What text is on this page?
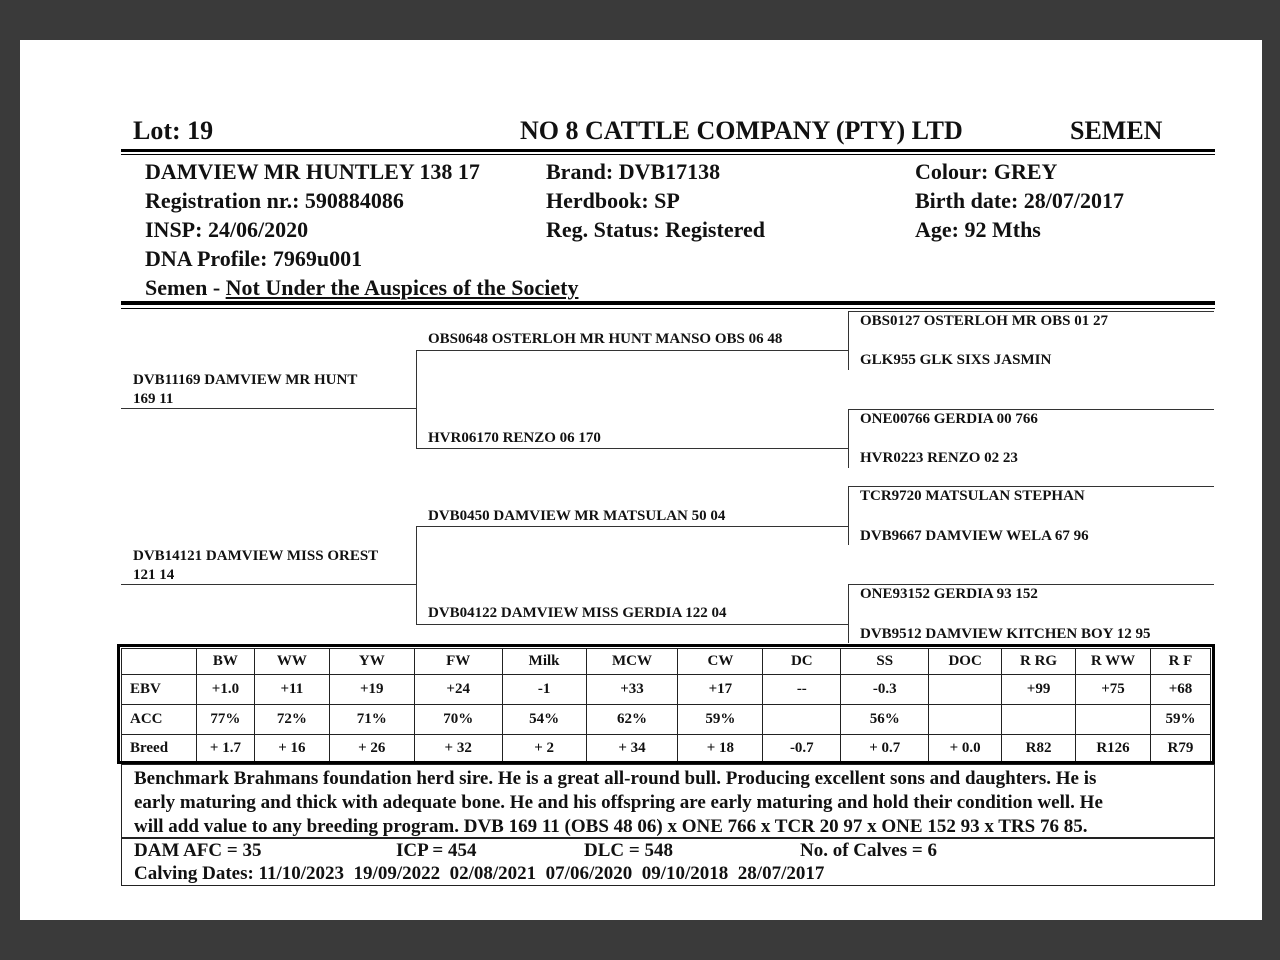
Lot: 19	NO 8 CATTLE COMPANY (PTY) LTD	SEMEN
DAMVIEW MR HUNTLEY 138 17
Registration nr.: 590884086
INSP: 24/06/2020
DNA Profile: 7969u001
Semen - Not Under the Auspices of the Society
Brand: DVB17138
Herdbook: SP
Reg. Status: Registered
Colour: GREY
Birth date: 28/07/2017
Age: 92 Mths
DVB11169 DAMVIEW MR HUNT
169 11
DVB14121 DAMVIEW MISS OREST
121 14
OBS0648 OSTERLOH MR HUNT MANSO OBS 06 48
HVR06170 RENZO 06 170
DVB0450 DAMVIEW MR MATSULAN 50 04
DVB04122 DAMVIEW MISS GERDIA 122 04
OBS0127 OSTERLOH MR OBS 01 27
GLK955 GLK SIXS JASMIN
ONE00766 GERDIA 00 766
HVR0223 RENZO 02 23
TCR9720 MATSULAN STEPHAN
DVB9667 DAMVIEW WELA 67 96
ONE93152 GERDIA 93 152
DVB9512 DAMVIEW KITCHEN BOY 12 95
	BW	WW	YW	FW	Milk	MCW	CW	DC	SS	DOC	R RG	R WW	R F
EBV	+1.0	+11	+19	+24	-1	+33	+17	--	-0.3		+99	+75	+68
ACC	77%	72%	71%	70%	54%	62%	59%		56%				59%
Breed	+ 1.7	+ 16	+ 26	+ 32	+ 2	+ 34	+ 18	-0.7	+ 0.7	+ 0.0	R82	R126	R79
Benchmark Brahmans foundation herd sire. He is a great all-round bull. Producing excellent sons and daughters. He is
early maturing and thick with adequate bone. He and his offspring are early maturing and hold their condition well. He
will add value to any breeding program. DVB 169 11 (OBS 48 06) x ONE 766 x TCR 20 97 x ONE 152 93 x TRS 76 85.
DAM AFC = 35	ICP = 454	DLC = 548	No. of Calves = 6
Calving Dates: 11/10/2023  19/09/2022  02/08/2021  07/06/2020  09/10/2018  28/07/2017
